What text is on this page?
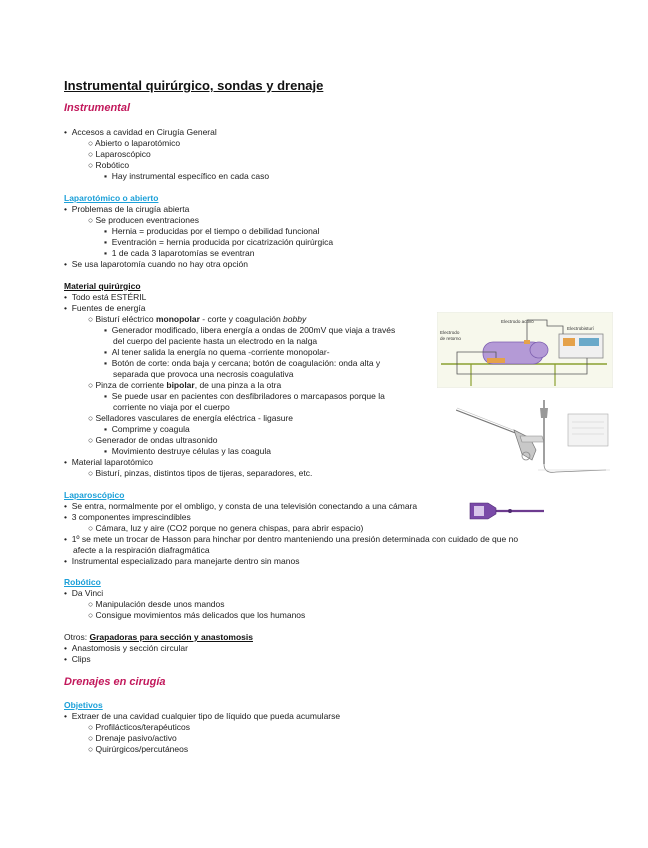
Instrumental quirúrgico, sondas y drenaje
Instrumental
•  Accesos a cavidad en Cirugía General
○ Abierto o laparotómico
○ Laparoscópico
○ Robótico
▪  Hay instrumental específico en cada caso
Laparotómico o abierto
•  Problemas de la cirugía abierta
○ Se producen eventraciones
▪  Hernia = producidas por el tiempo o debilidad funcional
▪  Eventración = hernia producida por cicatrización quirúrgica
▪  1 de cada 3 laparotomías se eventran
•  Se usa laparotomía cuando no hay otra opción
Material quirúrgico
•  Todo está ESTÉRIL
•  Fuentes de energía
○ Bisturí eléctrico monopolar - corte y coagulación bobby
▪  Generador modificado, libera energía a ondas de 200mV que viaja a través
del cuerpo del paciente hasta un electrodo en la nalga
▪  Al tener salida la energía no quema -corriente monopolar-
▪  Botón de corte: onda baja y cercana; botón de coagulación: onda alta y
separada que provoca una necrosis coagulativa
○ Pinza de corriente bipolar, de una pinza a la otra
▪  Se puede usar en pacientes con desfibriladores o marcapasos porque la
corriente no viaja por el cuerpo
○ Selladores vasculares de energía eléctrica - ligasure
▪  Comprime y coagula
○ Generador de ondas ultrasonido
▪  Movimiento destruye células y las coagula
•  Material laparotómico
○ Bisturí, pinzas, distintos tipos de tijeras, separadores, etc.
Electrodo activo
Electrodo
de retorno
Electrobisturí
Laparoscópico
•  Se entra, normalmente por el ombligo, y consta de una televisión conectando a una cámara
•  3 componentes imprescindibles
○ Cámara, luz y aire (CO2 porque no genera chispas, para abrir espacio)
•  1º se mete un trocar de Hasson para hinchar por dentro manteniendo una presión determinada con cuidado de que no
afecte a la respiración diafragmática
•  Instrumental especializado para manejarte dentro sin manos
Robótico
•  Da Vinci
○ Manipulación desde unos mandos
○ Consigue movimientos más delicados que los humanos
Otros: Grapadoras para sección y anastomosis
•  Anastomosis y sección circular
•  Clips
Drenajes en cirugía
Objetivos
•  Extraer de una cavidad cualquier tipo de líquido que pueda acumularse
○ Profilácticos/terapéuticos
○ Drenaje pasivo/activo
○ Quirúrgicos/percutáneos
